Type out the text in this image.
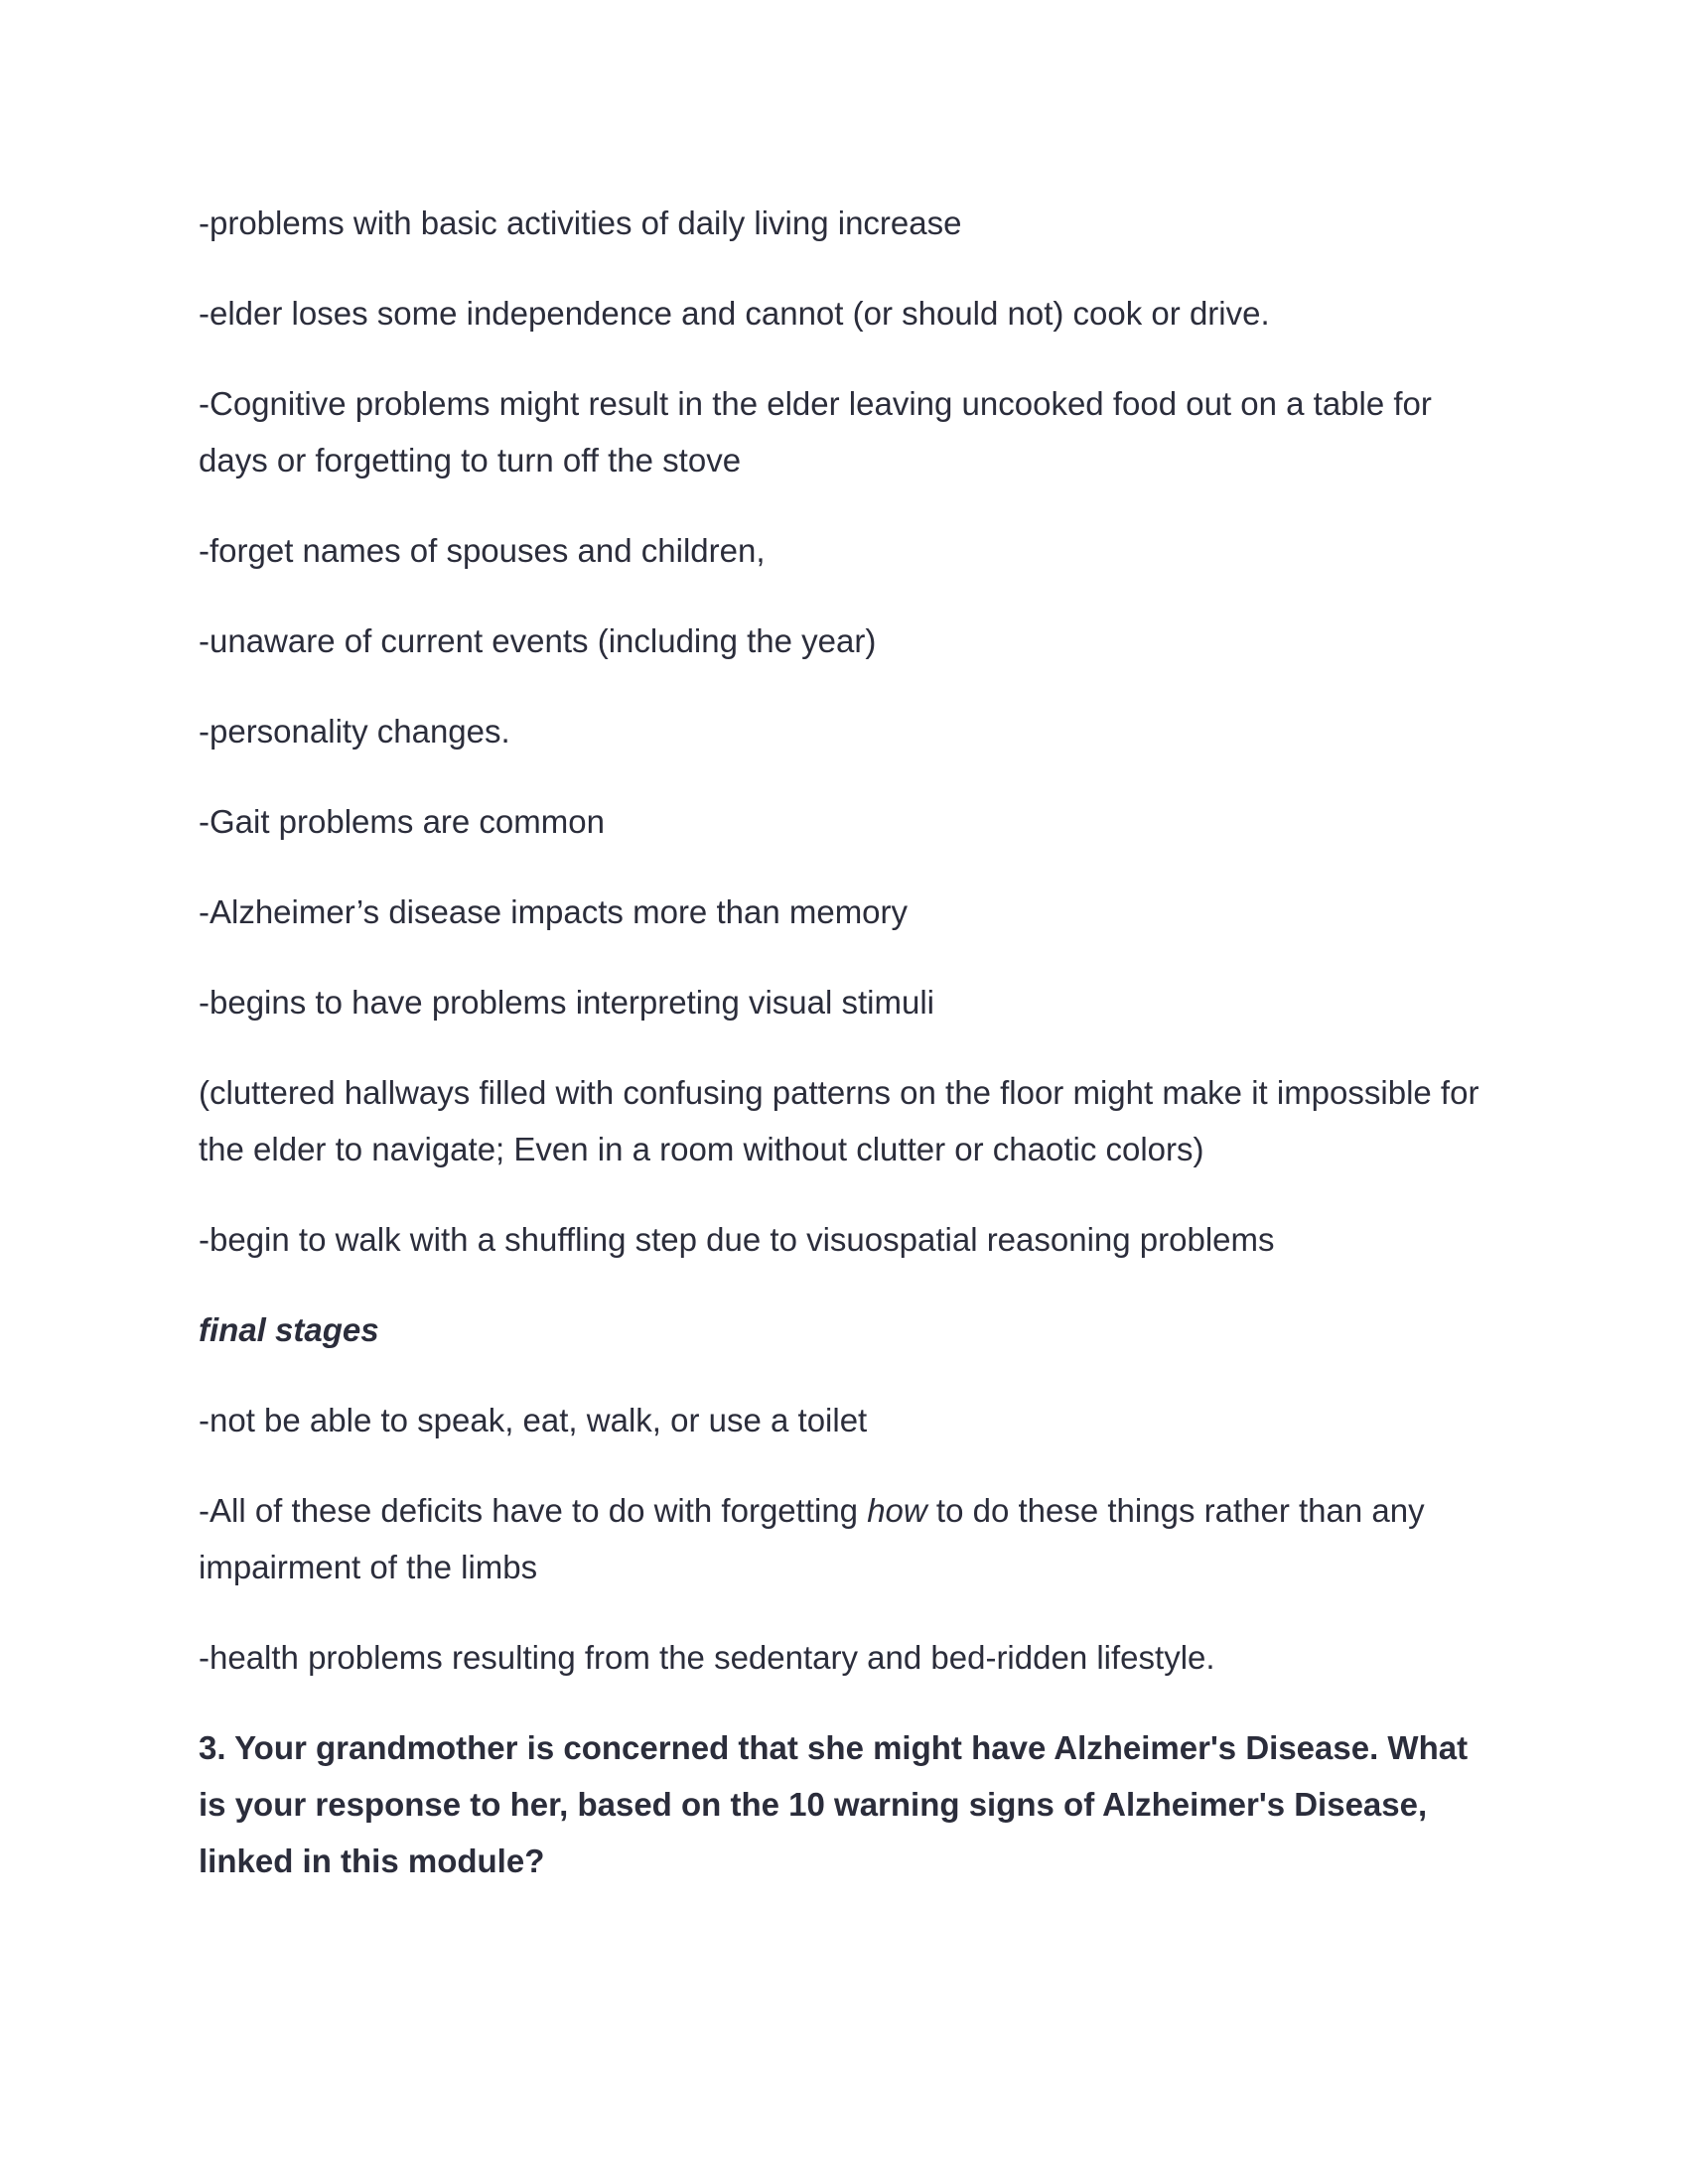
-problems with basic activities of daily living increase

-elder loses some independence and cannot (or should not) cook or drive.

-Cognitive problems might result in the elder leaving uncooked food out on a table for days or forgetting to turn off the stove

-forget names of spouses and children,

-unaware of current events (including the year)

-personality changes.

-Gait problems are common

-Alzheimer’s disease impacts more than memory

-begins to have problems interpreting visual stimuli

(cluttered hallways filled with confusing patterns on the floor might make it impossible for the elder to navigate; Even in a room without clutter or chaotic colors)

-begin to walk with a shuffling step due to visuospatial reasoning problems

final stages

-not be able to speak, eat, walk, or use a toilet

-All of these deficits have to do with forgetting how to do these things rather than any impairment of the limbs

-health problems resulting from the sedentary and bed-ridden lifestyle.

3. Your grandmother is concerned that she might have Alzheimer's Disease. What is your response to her, based on the 10 warning signs of Alzheimer's Disease, linked in this module?
